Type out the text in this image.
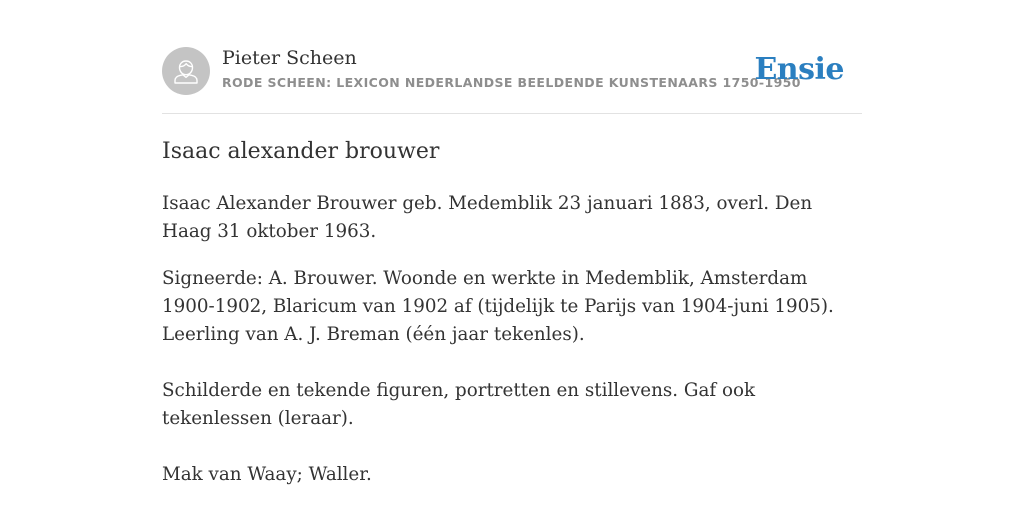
Pieter Scheen
RODE SCHEEN: LEXICON NEDERLANDSE BEELDENDE KUNSTENAARS 1750-1950
Ensie
Isaac alexander brouwer

Isaac Alexander Brouwer geb. Medemblik 23 januari 1883, overl. Den Haag 31 oktober 1963.

Signeerde: A. Brouwer. Woonde en werkte in Medemblik, Amsterdam 1900-1902, Blaricum van 1902 af (tijdelijk te Parijs van 1904-juni 1905). Leerling van A. J. Breman (één jaar tekenles).

Schilderde en tekende figuren, portretten en stillevens. Gaf ook tekenlessen (leraar).

Mak van Waay; Waller.
